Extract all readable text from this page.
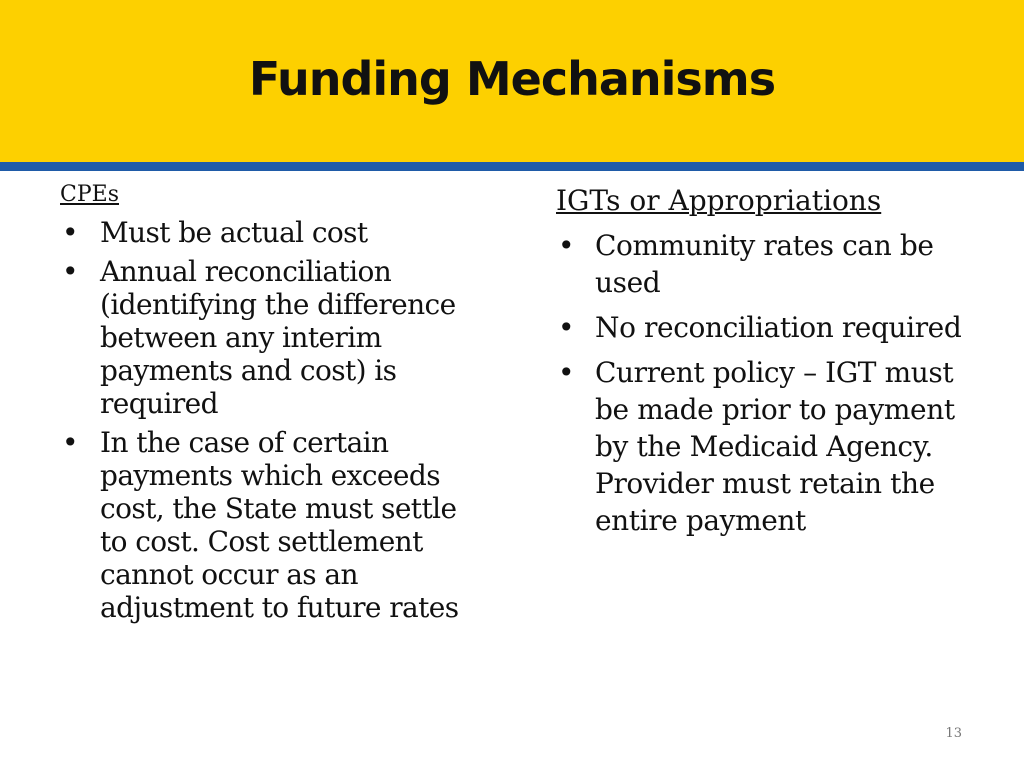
Funding Mechanisms

CPEs

• Must be actual cost
• Annual reconciliation (identifying the difference between any interim payments and cost) is required
• In the case of certain payments which exceeds cost, the State must settle to cost. Cost settlement cannot occur as an adjustment to future rates

IGTs or Appropriations

• Community rates can be used
• No reconciliation required
• Current policy – IGT must be made prior to payment by the Medicaid Agency. Provider must retain the entire payment
13
